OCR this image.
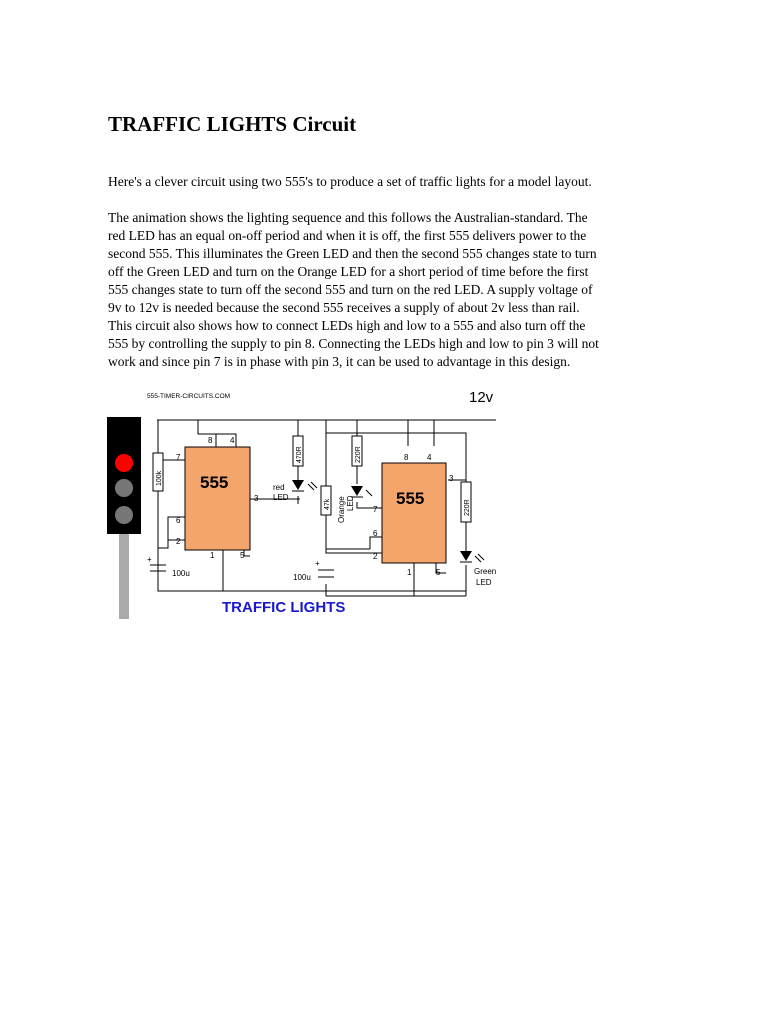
TRAFFIC LIGHTS Circuit
Here's a clever circuit using two 555's to produce a set of traffic lights for a model layout.
The animation shows the lighting sequence and this follows the Australian-standard. The
red LED has an equal on-off period and when it is off, the first 555 delivers power to the
second 555. This illuminates the Green LED and then the second 555 changes state to turn
off the Green LED and turn on the Orange LED for a short period of time before the first
555 changes state to turn off the second 555 and turn on the red LED. A supply voltage of
9v to 12v is needed because the second 555 receives a supply of about 2v less than rail.
This circuit also shows how to connect LEDs high and low to a 555 and also turn off the
555 by controlling the supply to pin 8. Connecting the LEDs high and low to pin 3 will not
work and since pin 7 is in phase with pin 3, it can be used to advantage in this design.
555-TIMER-CIRCUITS.COM	12v
555
8 4
7
6
2
3
1	5
555
8 4
3
7
6
2
1	5
100k
+
100u
470R
red
LED
47k
220R
Orange LED
+
100u
220R
Green
LED
TRAFFIC LIGHTS
